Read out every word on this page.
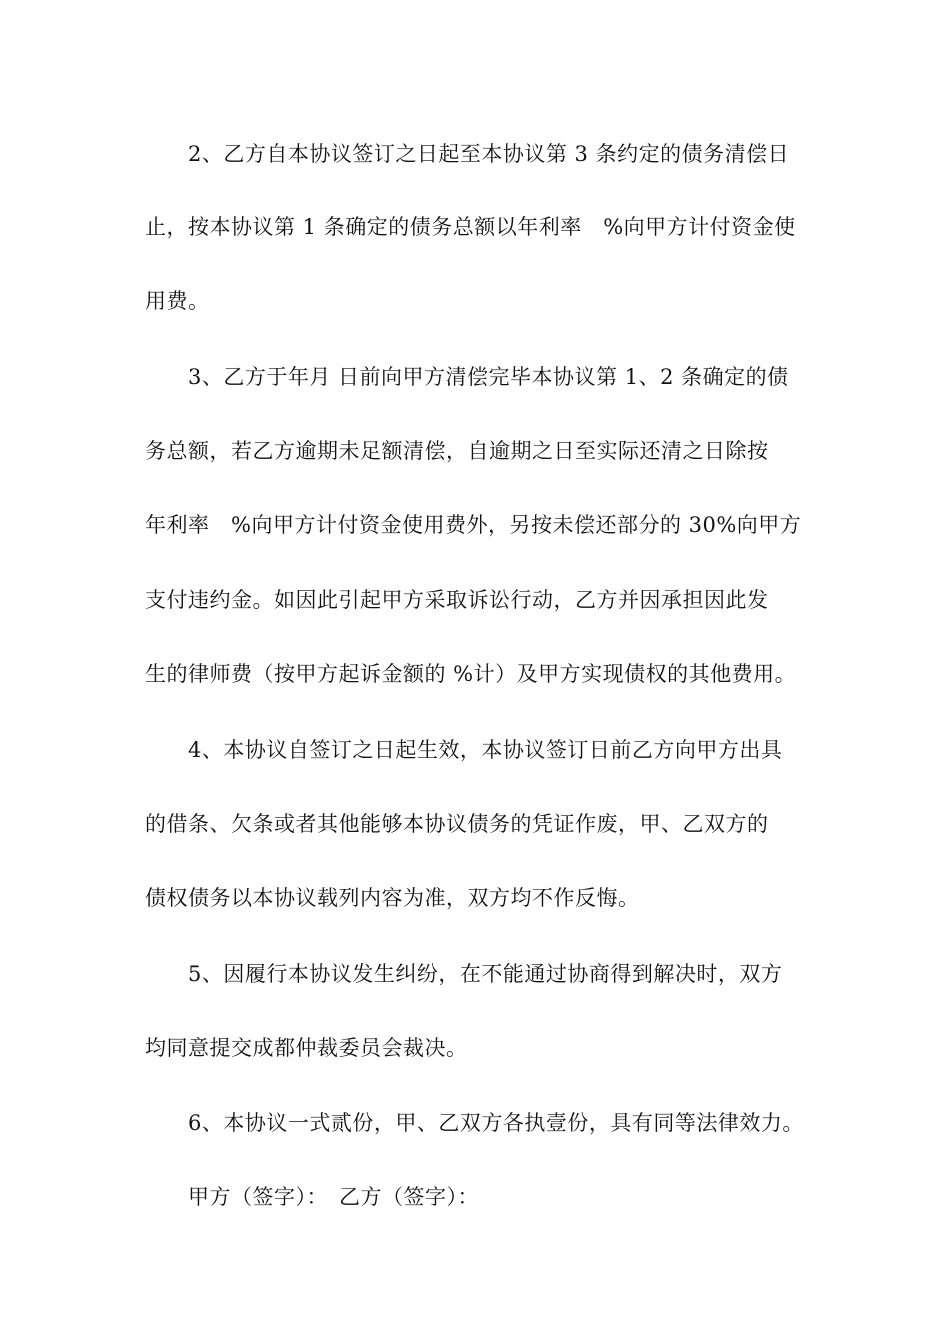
2、乙方自本协议签订之日起至本协议第 3 条约定的债务清偿日
止，按本协议第 1 条确定的债务总额以年利率　%向甲方计付资金使
用费。
3、乙方于年月 日前向甲方清偿完毕本协议第 1、2 条确定的债
务总额，若乙方逾期未足额清偿，自逾期之日至实际还清之日除按
年利率　%向甲方计付资金使用费外，另按未偿还部分的 30%向甲方
支付违约金。如因此引起甲方采取诉讼行动，乙方并因承担因此发
生的律师费（按甲方起诉金额的 %计）及甲方实现债权的其他费用。
4、本协议自签订之日起生效，本协议签订日前乙方向甲方出具
的借条、欠条或者其他能够本协议债务的凭证作废，甲、乙双方的
债权债务以本协议载列内容为准，双方均不作反悔。
5、因履行本协议发生纠纷，在不能通过协商得到解决时，双方
均同意提交成都仲裁委员会裁决。
6、本协议一式贰份，甲、乙双方各执壹份，具有同等法律效力。
甲方（签字）：　乙方（签字）：
